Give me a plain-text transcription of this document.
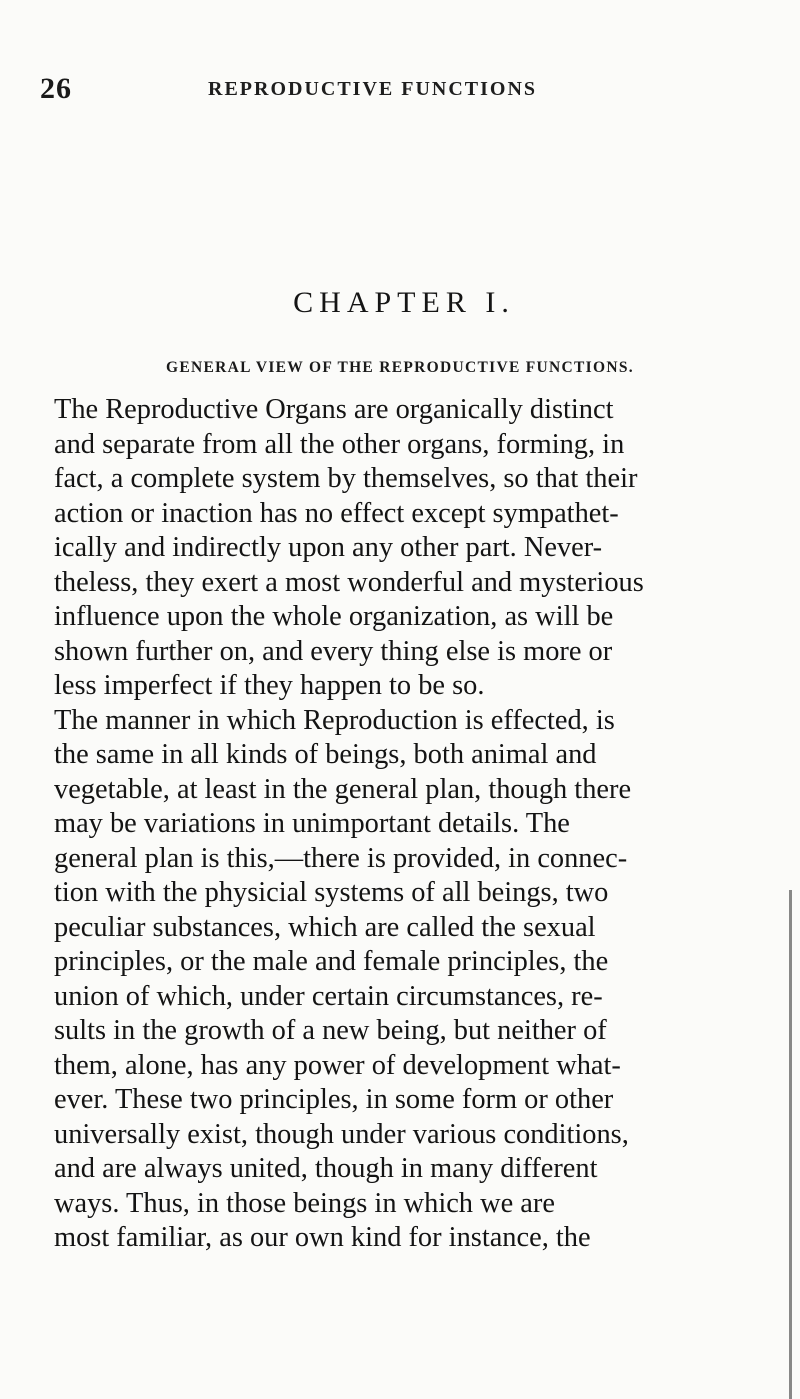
26	REPRODUCTIVE FUNCTIONS
CHAPTER I.
GENERAL VIEW OF THE REPRODUCTIVE FUNCTIONS.
The Reproductive Organs are organically distinct
and separate from all the other organs, forming, in
fact, a complete system by themselves, so that their
action or inaction has no effect except sympathet-
ically and indirectly upon any other part. Never-
theless, they exert a most wonderful and mysterious
influence upon the whole organization, as will be
shown further on, and every thing else is more or
less imperfect if they happen to be so.
The manner in which Reproduction is effected, is
the same in all kinds of beings, both animal and
vegetable, at least in the general plan, though there
may be variations in unimportant details. The
general plan is this,—there is provided, in connec-
tion with the physicial systems of all beings, two
peculiar substances, which are called the sexual
principles, or the male and female principles, the
union of which, under certain circumstances, re-
sults in the growth of a new being, but neither of
them, alone, has any power of development what-
ever. These two principles, in some form or other
universally exist, though under various conditions,
and are always united, though in many different
ways. Thus, in those beings in which we are
most familiar, as our own kind for instance, the
